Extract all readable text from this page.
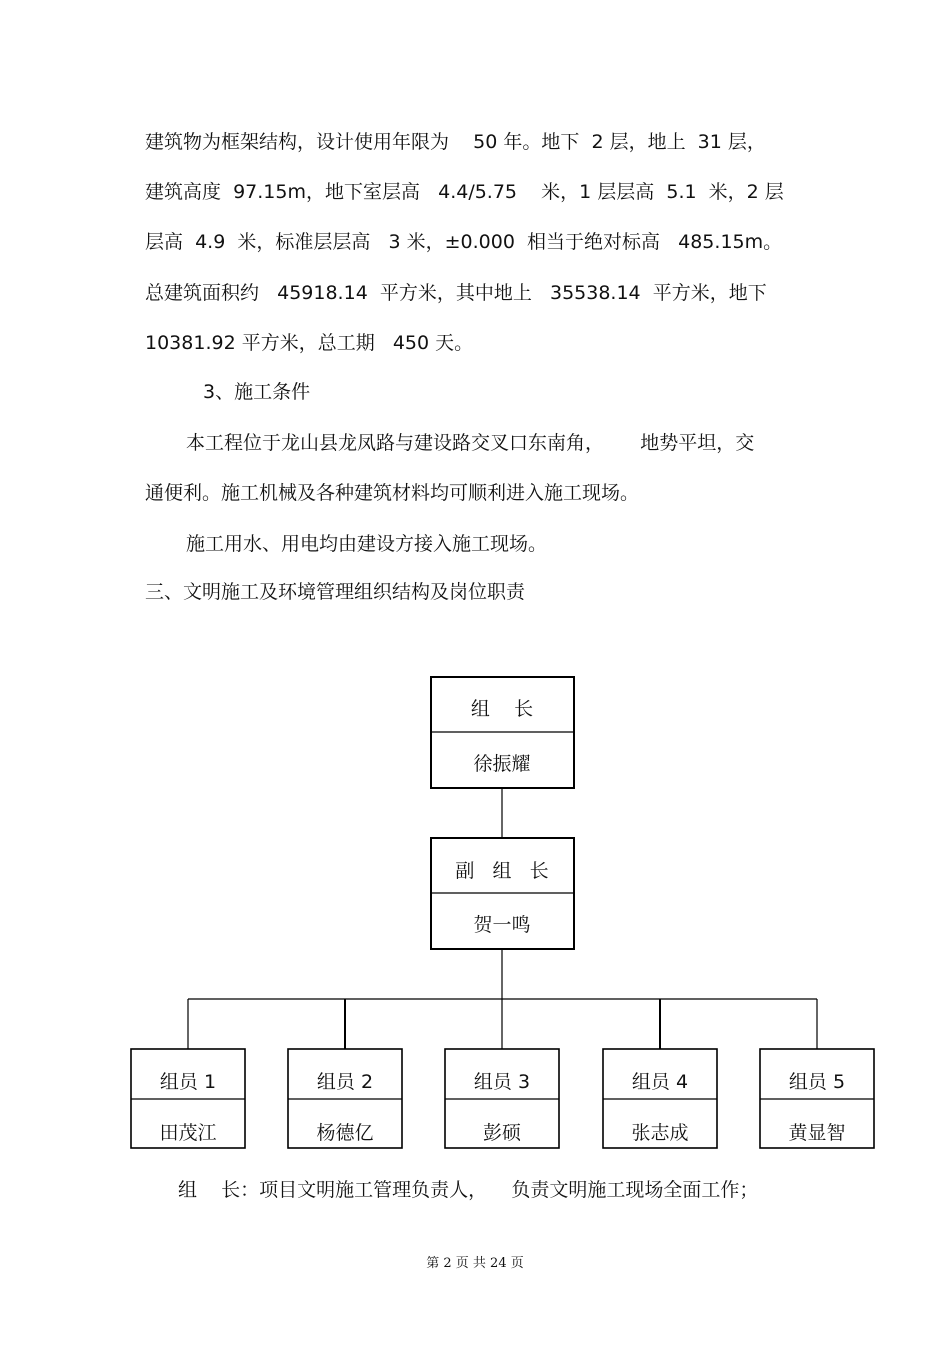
建筑物为框架结构，设计使用年限为    50 年。地下  2 层，地上  31 层，

建筑高度  97.15m，地下室层高   4.4/5.75    米，1 层层高  5.1  米，2 层

层高  4.9  米，标准层层高   3 米，±0.000  相当于绝对标高   485.15m。

总建筑面积约   45918.14  平方米，其中地上   35538.14  平方米，地下

10381.92 平方米，总工期   450 天。

3、施工条件

本工程位于龙山县龙凤路与建设路交叉口东南角，      地势平坦，交

通便利。施工机械及各种建筑材料均可顺利进入施工现场。

施工用水、用电均由建设方接入施工现场。

三、文明施工及环境管理组织结构及岗位职责

组    长
徐振耀
副   组   长
贺一鸣
组员 1
田茂江
组员 2
杨德亿
组员 3
彭硕
组员 4
张志成
组员 5
黄显智

组    长：项目文明施工管理负责人，    负责文明施工现场全面工作；

第 2 页 共 24 页
